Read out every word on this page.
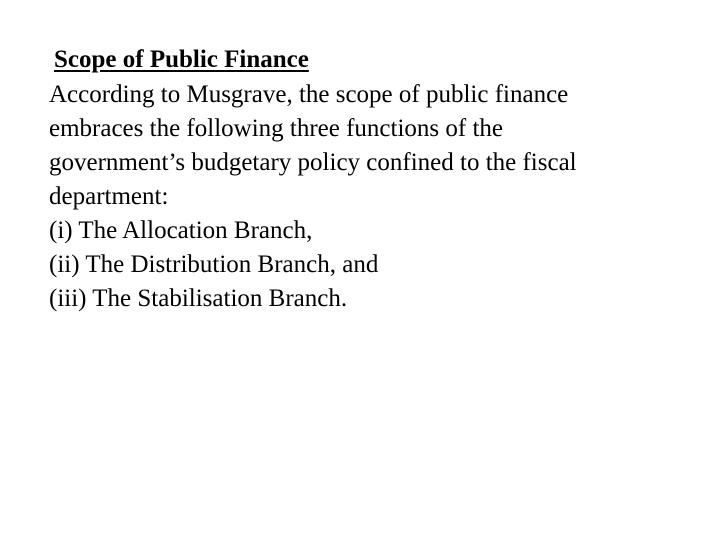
Scope of Public Finance
According to Musgrave, the scope of public finance
embraces the following three functions of the
government’s budgetary policy confined to the fiscal
department:
(i) The Allocation Branch,
(ii) The Distribution Branch, and
(iii) The Stabilisation Branch.
